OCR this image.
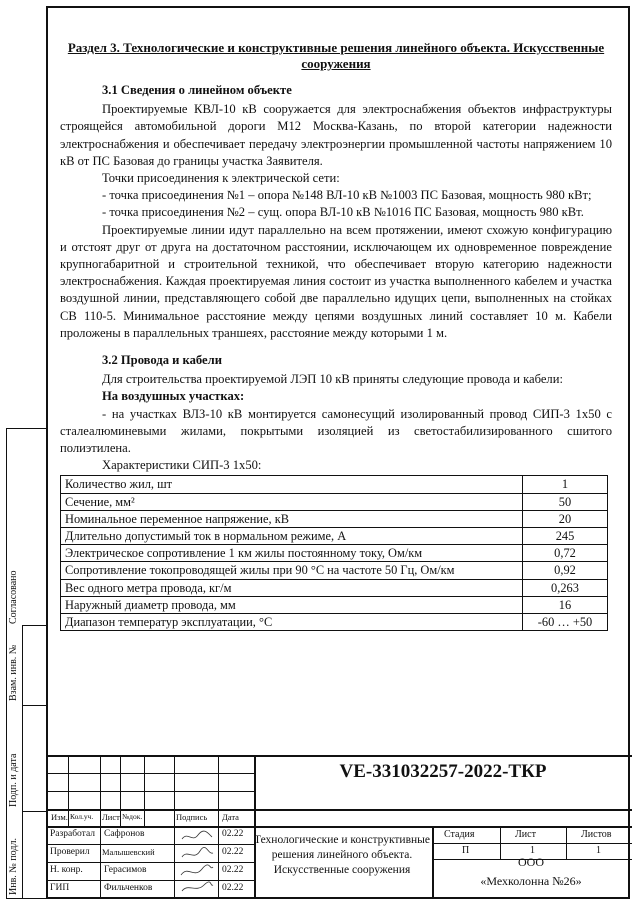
Согласовано
Взам. инв. №
Подп. и дата
Инв. № подл.
VE-331032257-2022-ТКР
Изм. Кол.уч. Лист №док.	Подпись Дата
Разработал Сафронов	02.22
Проверил Малышевский	02.22
Н. конр. Герасимов	02.22
ГИП	Фильченков	02.22
Технологические и конструктивные решения линейного объекта. Искусственные сооружения
Стадия	Лист	Листов
П	1	1
ООО
«Мехколонна №26»
Раздел 3. Технологические и конструктивные решения линейного объекта. Искусственные сооружения
3.1 Сведения о линейном объекте

Проектируемые КВЛ-10 кВ сооружается для электроснабжения объектов инфраструктуры строящейся автомобильной дороги М12 Москва-Казань, по второй категории надежности электроснабжения и обеспечивает передачу электроэнергии промышленной частоты напряжением 10 кВ от ПС Базовая до границы участка Заявителя.

Точки присоединения к электрической сети:

- точка присоединения №1 – опора №148 ВЛ-10 кВ №1003 ПС Базовая, мощность 980 кВт;

- точка присоединения №2 – сущ. опора ВЛ-10 кВ №1016 ПС Базовая, мощность 980 кВт.

Проектируемые линии идут параллельно на всем протяжении, имеют схожую конфигурацию и отстоят друг от друга на достаточном расстоянии, исключающем их одновременное повреждение крупногабаритной и строительной техникой, что обеспечивает вторую категорию надежности электроснабжения. Каждая проектируемая линия состоит из участка выполненного кабелем и участка воздушной линии, представляющего собой две параллельно идущих цепи, выполненных на стойках СВ 110-5. Минимальное расстояние между цепями воздушных линий составляет 10 м. Кабели проложены в параллельных траншеях, расстояние между которыми 1 м.

3.2 Провода и кабели

Для строительства проектируемой ЛЭП 10 кВ приняты следующие провода и кабели:

На воздушных участках:

- на участках ВЛЗ-10 кВ монтируется самонесущий изолированный провод СИП-3 1х50 с сталеалюминевыми жилами, покрытыми изоляцией из светостабилизированного сшитого полиэтилена.

Характеристики СИП-3 1х50:

Количество жил, шт	1
Сечение, мм²	50
Номинальное переменное напряжение, кВ	20
Длительно допустимый ток в нормальном режиме, А	245
Электрическое сопротивление 1 км жилы постоянному току, Ом/км	0,72
Сопротивление токопроводящей жилы при 90 °С на частоте 50 Гц, Ом/км	0,92
Вес одного метра провода, кг/м	0,263
Наружный диаметр провода, мм	16
Диапазон температур эксплуатации, °С	-60 … +50
